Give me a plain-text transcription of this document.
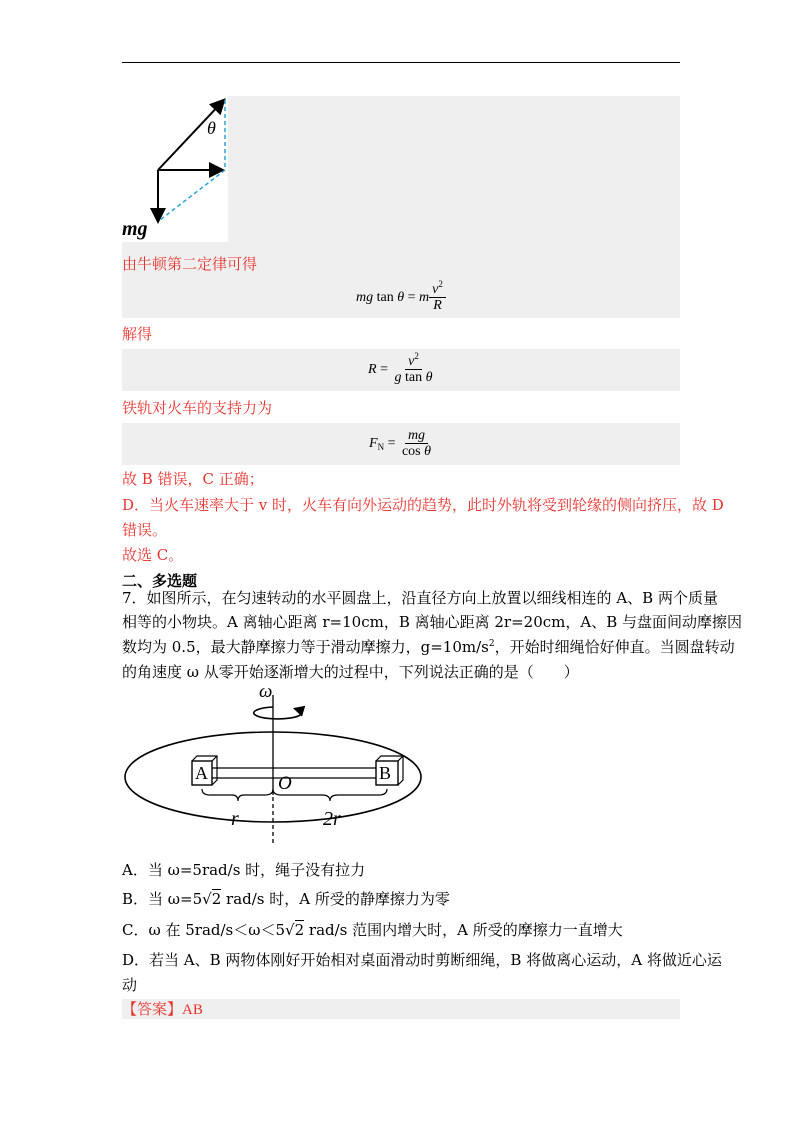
θ
mg
由牛顿第二定律可得
mg
tan
θ
=
m $\frac{v^2}{R}$
解得
R
=
$\frac{v^2}{\text{g tan θ}}$
铁轨对火车的支持力为
F N
=
$\frac{mg}{\text{cos θ}}$
故 B 错误，C 正确；
D．当火车速率大于 v 时，火车有向外运动的趋势，此时外轨将受到轮缘的侧向挤压，故 D
错误。
故选 C。
二、多选题
7．如图所示，在匀速转动的水平圆盘上，沿直径方向上放置以细线相连的 A、B 两个质量
相等的小物块。A 离轴心距离 r=10cm，B 离轴心距离 2r=20cm，A、B 与盘面间动摩擦因
数均为 0.5，最大静摩擦力等于滑动摩擦力，$g=10m/s^2$，开始时细绳恰好伸直。当圆盘转动
的角速度 ω 从零开始逐渐增大的过程中，下列说法正确的是（　　）
ω
A	B
O
r	2r
A．当 ω=5rad/s 时，绳子没有拉力
B．当 ω=5√2 rad/s 时，A 所受的静摩擦力为零
C．ω 在 5rad/s＜ω＜5√2 rad/s 范围内增大时，A 所受的摩擦力一直增大
D．若当 A、B 两物体刚好开始相对桌面滑动时剪断细绳，B 将做离心运动，A 将做近心运
动
【答案】AB
